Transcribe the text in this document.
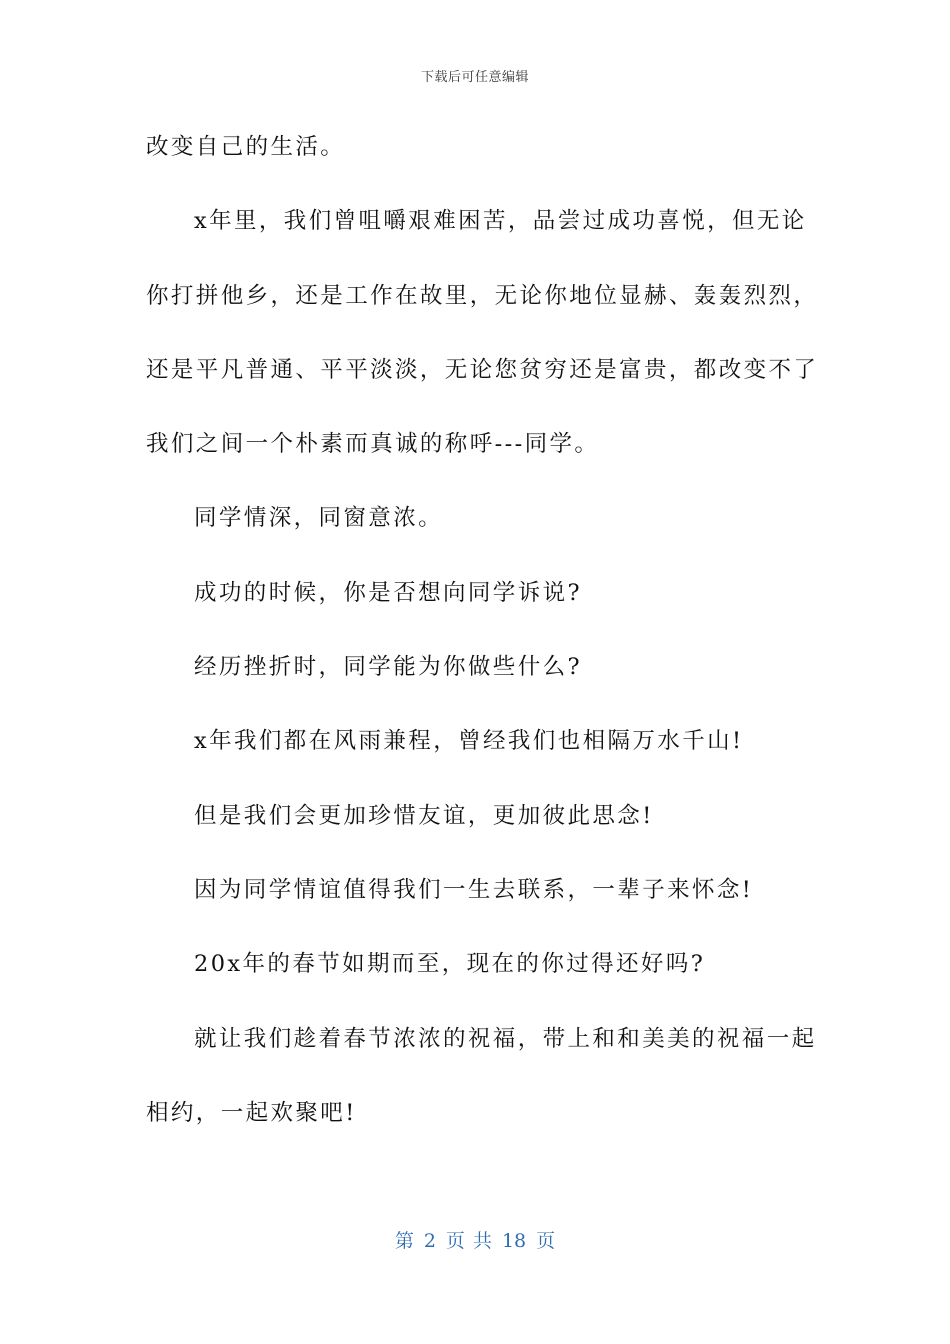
下载后可任意编辑
改变自己的生活。
x年里，我们曾咀嚼艰难困苦，品尝过成功喜悦，但无论
你打拼他乡，还是工作在故里，无论你地位显赫、轰轰烈烈，
还是平凡普通、平平淡淡，无论您贫穷还是富贵，都改变不了
我们之间一个朴素而真诚的称呼---同学。
同学情深，同窗意浓。
成功的时候，你是否想向同学诉说?
经历挫折时，同学能为你做些什么?
x年我们都在风雨兼程，曾经我们也相隔万水千山!
但是我们会更加珍惜友谊，更加彼此思念!
因为同学情谊值得我们一生去联系，一辈子来怀念!
20x年的春节如期而至，现在的你过得还好吗?
就让我们趁着春节浓浓的祝福，带上和和美美的祝福一起
相约，一起欢聚吧!
第 2 页 共 18 页
